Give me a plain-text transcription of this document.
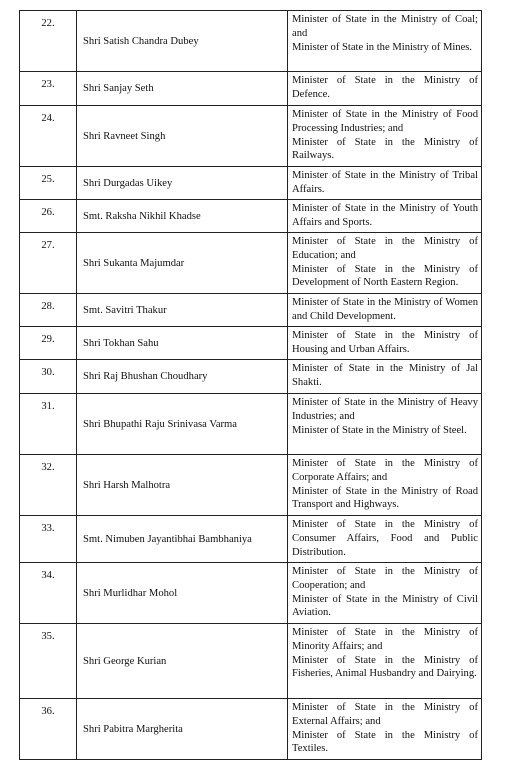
22.	Shri Satish Chandra Dubey	Minister of State in the Ministry of Coal; and
Minister of State in the Ministry of Mines.

23.	Shri Sanjay Seth	Minister of State in the Ministry of Defence.

24.	Shri Ravneet Singh	Minister of State in the Ministry of Food Processing Industries; and
Minister of State in the Ministry of Railways.

25.	Shri Durgadas Uikey	Minister of State in the Ministry of Tribal Affairs.

26.	Smt. Raksha Nikhil Khadse	Minister of State in the Ministry of Youth Affairs and Sports.

27.	Shri Sukanta Majumdar	Minister of State in the Ministry of Education; and
Minister of State in the Ministry of Development of North Eastern Region.

28.	Smt. Savitri Thakur	Minister of State in the Ministry of Women and Child Development.

29.	Shri Tokhan Sahu	Minister of State in the Ministry of Housing and Urban Affairs.

30.	Shri Raj Bhushan Choudhary	Minister of State in the Ministry of Jal Shakti.

31.	Shri Bhupathi Raju Srinivasa Varma	Minister of State in the Ministry of Heavy Industries; and
Minister of State in the Ministry of Steel.

32.	Shri Harsh Malhotra	Minister of State in the Ministry of Corporate Affairs; and
Minister of State in the Ministry of Road Transport and Highways.

33.	Smt. Nimuben Jayantibhai Bambhaniya	Minister of State in the Ministry of Consumer Affairs, Food and Public Distribution.

34.	Shri Murlidhar Mohol	Minister of State in the Ministry of Cooperation; and
Minister of State in the Ministry of Civil Aviation.

35.	Shri George Kurian	Minister of State in the Ministry of Minority Affairs; and
Minister of State in the Ministry of Fisheries, Animal Husbandry and Dairying.

36.	Shri Pabitra Margherita	Minister of State in the Ministry of External Affairs; and
Minister of State in the Ministry of Textiles.
